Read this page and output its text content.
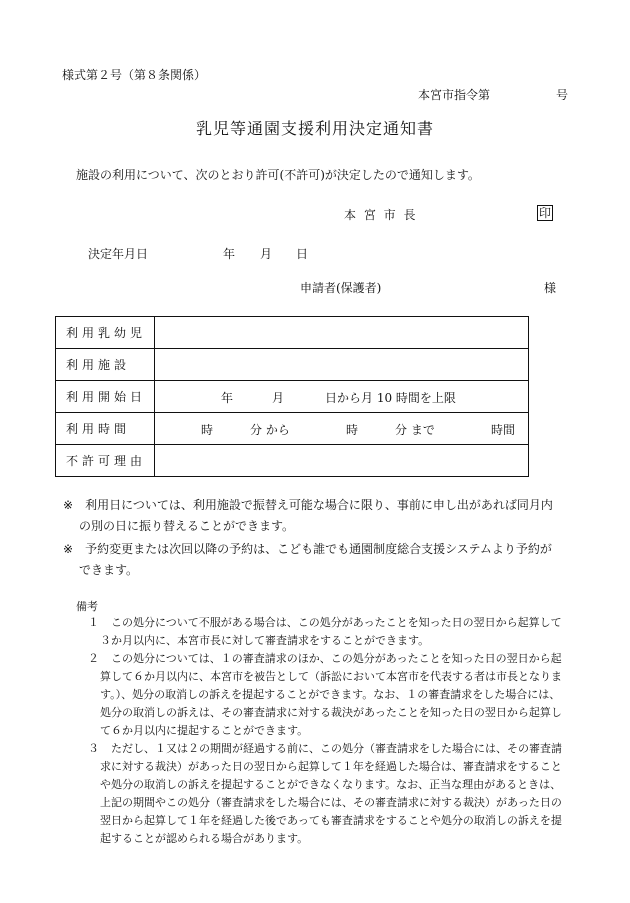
様式第２号（第８条関係）
本宮市指令第	号
乳児等通園支援利用決定通知書
施設の利用について、次のとおり許可(不許可)が決定したので通知します。
本 宮 市 長	印
決定年月日	年 月 日
申請者(保護者)	様
利用乳幼児	
利用施設	
利用開始日	年 月 日から月 10 時間を上限

利用時間	時 分 から 時 分 まで 時間

不許可理由	
※ 利用日については、利用施設で振替え可能な場合に限り、事前に申し出があれば同月内
の別の日に振り替えることができます。
※ 予約変更または次回以降の予約は、こども誰でも通園制度総合支援システムより予約が
できます。
備考
１ この処分について不服がある場合は、この処分があったことを知った日の翌日から起算して
３か月以内に、本宮市長に対して審査請求をすることができます。
２ この処分については、１の審査請求のほか、この処分があったことを知った日の翌日から起
算して６か月以内に、本宮市を被告として（訴訟において本宮市を代表する者は市長となりま
す。）、処分の取消しの訴えを提起することができます。なお、１の審査請求をした場合には、
処分の取消しの訴えは、その審査請求に対する裁決があったことを知った日の翌日から起算し
て６か月以内に提起することができます。
３ ただし、１又は２の期間が経過する前に、この処分（審査請求をした場合には、その審査請
求に対する裁決）があった日の翌日から起算して１年を経過した場合は、審査請求をすること
や処分の取消しの訴えを提起することができなくなります。なお、正当な理由があるときは、
上記の期間やこの処分（審査請求をした場合には、その審査請求に対する裁決）があった日の
翌日から起算して１年を経過した後であっても審査請求をすることや処分の取消しの訴えを提
起することが認められる場合があります。
